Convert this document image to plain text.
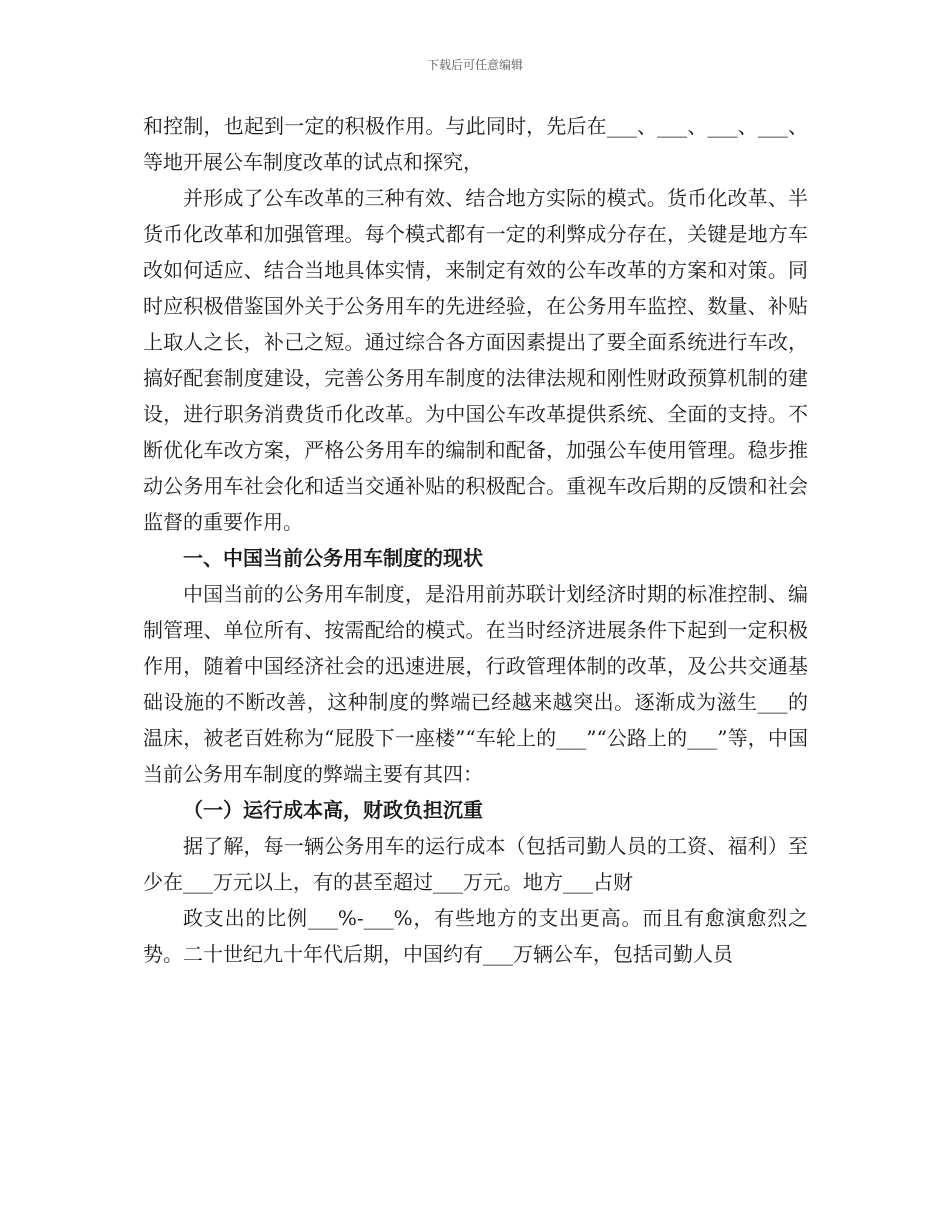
下载后可任意编辑

和控制，也起到一定的积极作用。与此同时，先后在___、___、___、___、等地开展公车制度改革的试点和探究，

并形成了公车改革的三种有效、结合地方实际的模式。货币化改革、半货币化改革和加强管理。每个模式都有一定的利弊成分存在，关键是地方车改如何适应、结合当地具体实情，来制定有效的公车改革的方案和对策。同时应积极借鉴国外关于公务用车的先进经验，在公务用车监控、数量、补贴上取人之长，补己之短。通过综合各方面因素提出了要全面系统进行车改，搞好配套制度建设，完善公务用车制度的法律法规和刚性财政预算机制的建设，进行职务消费货币化改革。为中国公车改革提供系统、全面的支持。不断优化车改方案，严格公务用车的编制和配备，加强公车使用管理。稳步推动公务用车社会化和适当交通补贴的积极配合。重视车改后期的反馈和社会监督的重要作用。

一、中国当前公务用车制度的现状

中国当前的公务用车制度，是沿用前苏联计划经济时期的标准控制、编制管理、单位所有、按需配给的模式。在当时经济进展条件下起到一定积极作用，随着中国经济社会的迅速进展，行政管理体制的改革，及公共交通基础设施的不断改善，这种制度的弊端已经越来越突出。逐渐成为滋生___的温床，被老百姓称为“屁股下一座楼”“车轮上的___”“公路上的___”等，中国当前公务用车制度的弊端主要有其四：

（一）运行成本高，财政负担沉重

据了解，每一辆公务用车的运行成本（包括司勤人员的工资、福利）至少在___万元以上，有的甚至超过___万元。地方___占财

政支出的比例___%-___%，有些地方的支出更高。而且有愈演愈烈之势。二十世纪九十年代后期，中国约有___万辆公车，包括司勤人员
